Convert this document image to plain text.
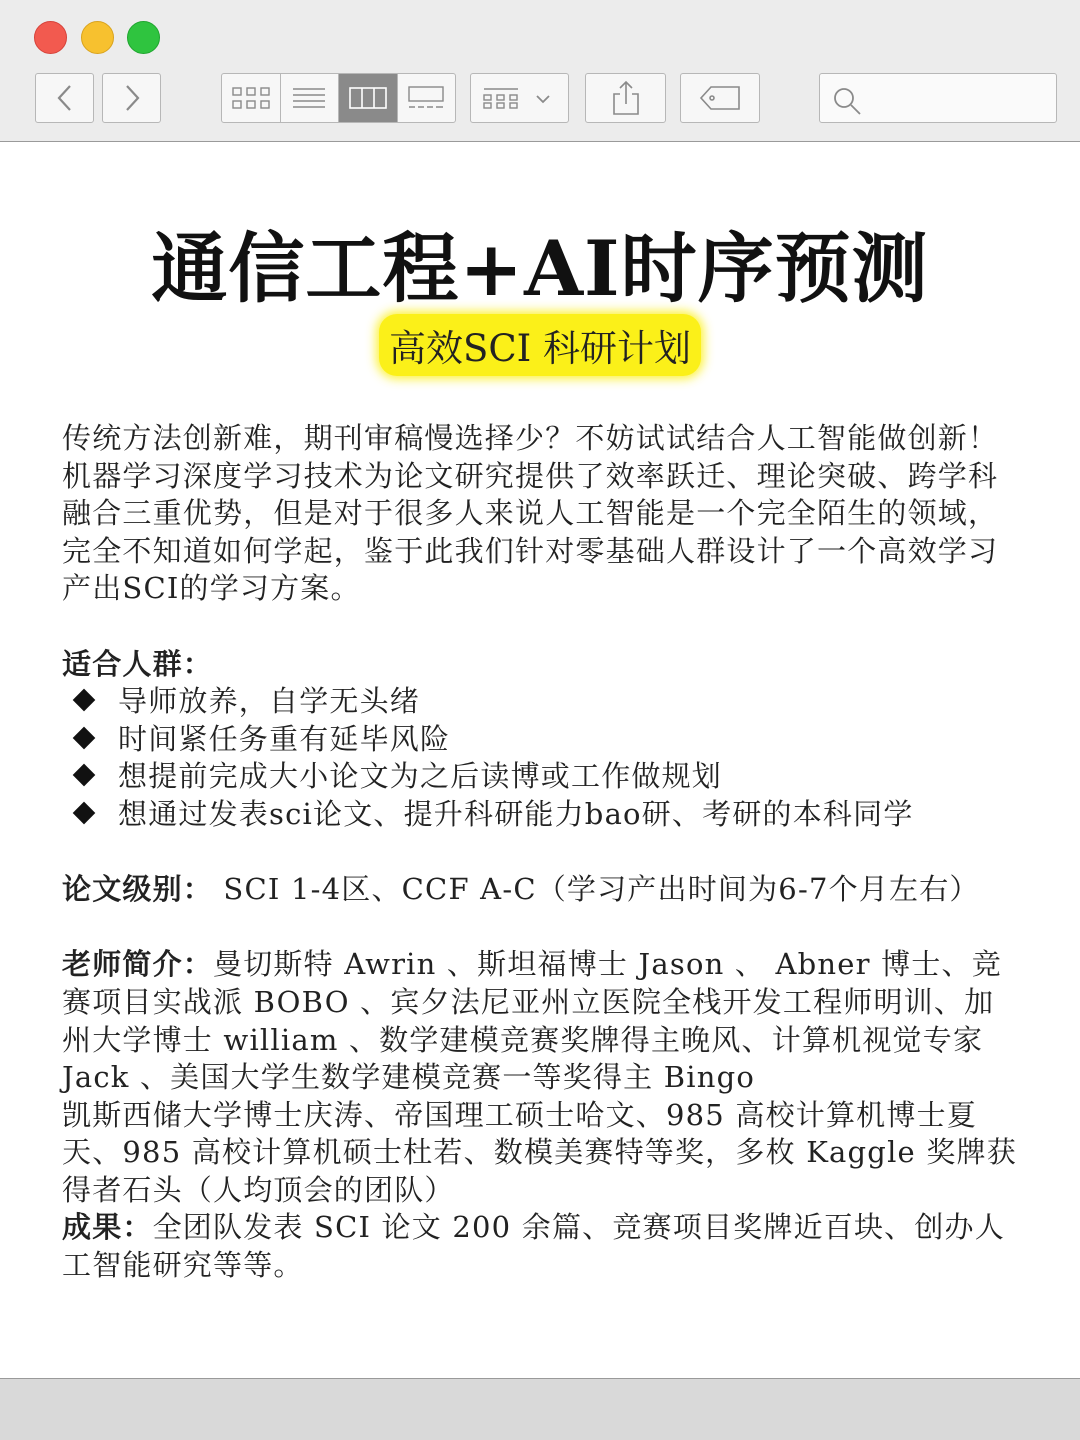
通信工程+AI时序预测
高效SCI 科研计划

传统方法创新难，期刊审稿慢选择少？不妨试试结合人工智能做创新！

机器学习深度学习技术为论文研究提供了效率跃迁、理论突破、跨学科融合三重优势，但是对于很多人来说人工智能是一个完全陌生的领域，完全不知道如何学起，鉴于此我们针对零基础人群设计了一个高效学习产出SCI的学习方案。

适合人群：

导师放养，自学无头绪
时间紧任务重有延毕风险
想提前完成大小论文为之后读博或工作做规划
想通过发表sci论文、提升科研能力bao研、考研的本科同学

论文级别： SCI 1-4区、CCF A-C（学习产出时间为6-7个月左右）

老师简介：曼切斯特 Awrin 、斯坦福博士 Jason 、 Abner 博士、竞赛项目实战派 BOBO 、宾夕法尼亚州立医院全栈开发工程师明训、加州大学博士 william 、数学建模竞赛奖牌得主晚风、计算机视觉专家 Jack 、美国大学生数学建模竞赛一等奖得主 Bingo

凯斯西储大学博士庆涛、帝国理工硕士哈文、985 高校计算机博士夏天、985 高校计算机硕士杜若、数模美赛特等奖，多枚 Kaggle 奖牌获得者石头（人均顶会的团队）

成果：全团队发表 SCI 论文 200 余篇、竞赛项目奖牌近百块、创办人工智能研究等等。
